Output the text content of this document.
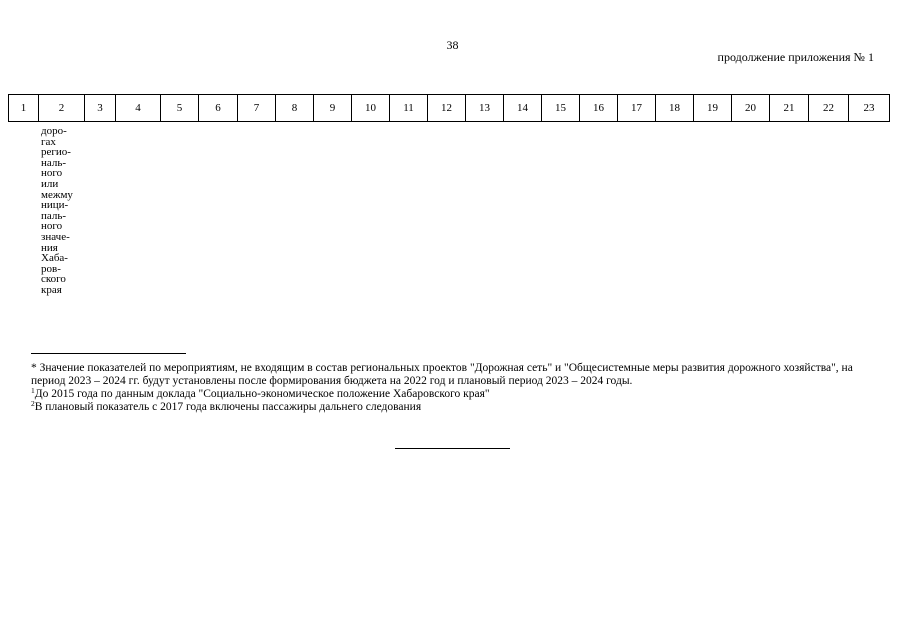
38
продолжение приложения № 1
1	2	3	4	5	6	7	8	9	10	11	12	13	14	15	16	17	18	19	20	21	22	23
доро-
гах
регио-
наль-
ного
или
межму
ници-
паль-
ного
значе-
ния
Хаба-
ров-
ского
края

* Значение показателей по мероприятиям, не входящим в состав региональных проектов "Дорожная сеть" и "Общесистемные меры развития дорожного хозяйства", на период 2023 – 2024 гг. будут установлены после формирования бюджета на 2022 год и плановый период 2023 – 2024 годы.

$^1$До 2015 года по данным доклада "Социально-экономическое положение Хабаровского края"

$^2$В плановый показатель с 2017 года включены пассажиры дальнего следования
